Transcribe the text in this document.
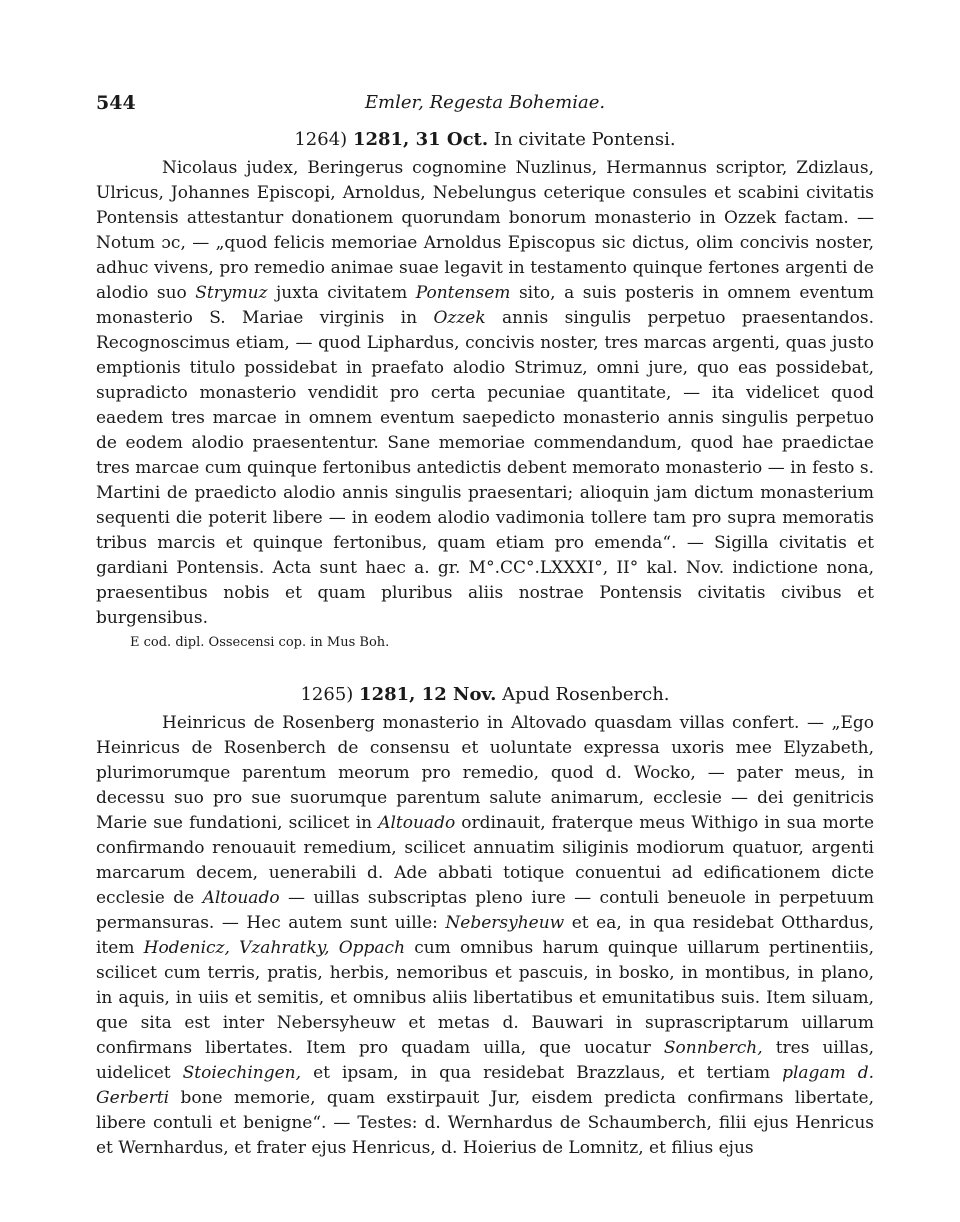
544	Emler, Regesta Bohemiae.
1264) 1281, 31 Oct. In civitate Pontensi.

Nicolaus judex, Beringerus cognomine Nuzlinus, Hermannus scriptor, Zdizlaus, Ulricus, Johannes Episcopi, Arnoldus, Nebelungus ceterique consules et scabini civitatis Pontensis attestantur donationem quorundam bonorum monasterio in Ozzek factam. — Notum ɔc, — „quod felicis memoriae Arnoldus Episcopus sic dictus, olim concivis noster, adhuc vivens, pro remedio animae suae legavit in testamento quinque fertones argenti de alodio suo Strymuz juxta civitatem Pontensem sito, a suis posteris in omnem eventum monasterio S. Mariae virginis in Ozzek annis singulis perpetuo praesentandos. Recognoscimus etiam, — quod Liphardus, concivis noster, tres marcas argenti, quas justo emptionis titulo possidebat in praefato alodio Strimuz, omni jure, quo eas possidebat, supradicto monasterio vendidit pro certa pecuniae quantitate, — ita videlicet quod eaedem tres marcae in omnem eventum saepedicto monasterio annis singulis perpetuo de eodem alodio praesententur. Sane memoriae commendandum, quod hae praedictae tres marcae cum quinque fertonibus antedictis debent memorato monasterio — in festo s. Martini de praedicto alodio annis singulis praesentari; alioquin jam dictum monasterium sequenti die poterit libere — in eodem alodio vadimonia tollere tam pro supra memoratis tribus marcis et quinque fertonibus, quam etiam pro emenda“. — Sigilla civitatis et gardiani Pontensis. Acta sunt haec a. gr. M°.CC°.LXXXI°, II° kal. Nov. indictione nona, praesentibus nobis et quam pluribus aliis nostrae Pontensis civitatis civibus et burgensibus.

E cod. dipl. Ossecensi cop. in Mus Boh.
1265) 1281, 12 Nov. Apud Rosenberch.

Heinricus de Rosenberg monasterio in Altovado quasdam villas confert. — „Ego Heinricus de Rosenberch de consensu et uoluntate expressa uxoris mee Elyzabeth, plurimorumque parentum meorum pro remedio, quod d. Wocko, — pater meus, in decessu suo pro sue suorumque parentum salute animarum, ecclesie — dei genitricis Marie sue fundationi, scilicet in Altouado ordinauit, fraterque meus Withigo in sua morte confirmando renouauit remedium, scilicet annuatim siliginis modiorum quatuor, argenti marcarum decem, uenerabili d. Ade abbati totique conuentui ad edificationem dicte ecclesie de Altouado — uillas subscriptas pleno iure — contuli beneuole in perpetuum permansuras. — Hec autem sunt uille: Nebersyheuw et ea, in qua residebat Otthardus, item Hodenicz, Vzahratky, Oppach cum omnibus harum quinque uillarum pertinentiis, scilicet cum terris, pratis, herbis, nemoribus et pascuis, in bosko, in montibus, in plano, in aquis, in uiis et semitis, et omnibus aliis libertatibus et emunitatibus suis. Item siluam, que sita est inter Nebersyheuw et metas d. Bauwari in suprascriptarum uillarum confirmans libertates. Item pro quadam uilla, que uocatur Sonnberch, tres uillas, uidelicet Stoiechingen, et ipsam, in qua residebat Brazzlaus, et tertiam plagam d. Gerberti bone memorie, quam exstirpauit Jur, eisdem predicta confirmans libertate, libere contuli et benigne“. — Testes: d. Wernhardus de Schaumberch, filii ejus Henricus et Wernhardus, et frater ejus Henricus, d. Hoierius de Lomnitz, et filius ejus
